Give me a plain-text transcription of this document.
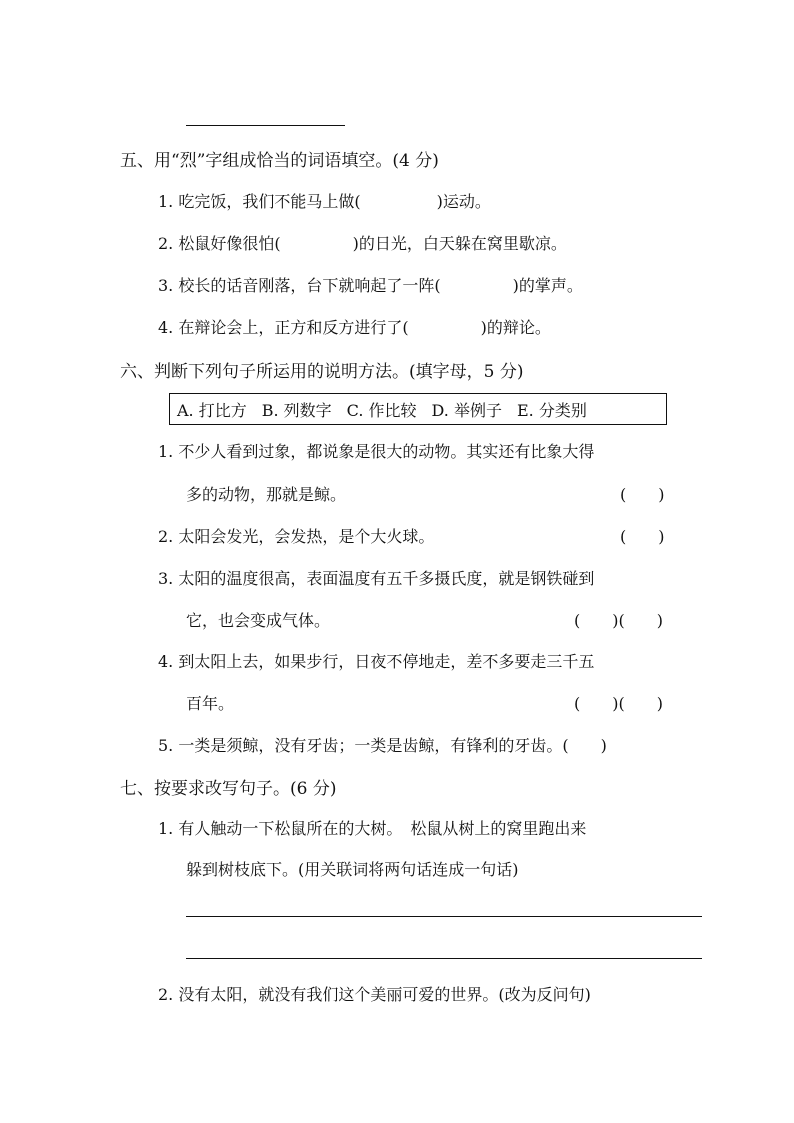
五、用“烈”字组成恰当的词语填空。(4 分)
1. 吃完饭，我们不能马上做(	)运动。
2. 松鼠好像很怕(	)的日光，白天躲在窝里歇凉。
3. 校长的话音刚落，台下就响起了一阵(	)的掌声。
4. 在辩论会上，正方和反方进行了(	)的辩论。
六、判断下列句子所运用的说明方法。(填字母，5 分)
A. 打比方 B. 列数字 C. 作比较 D. 举例子 E. 分类别
1. 不少人看到过象，都说象是很大的动物。其实还有比象大得
多的动物，那就是鲸。	(　　)
2. 太阳会发光，会发热，是个大火球。	(　　)
3. 太阳的温度很高，表面温度有五千多摄氏度，就是钢铁碰到
它，也会变成气体。	(　　)(　　)
4. 到太阳上去，如果步行，日夜不停地走，差不多要走三千五
百年。	(　　)(　　)
5. 一类是须鲸，没有牙齿；一类是齿鲸，有锋利的牙齿。(　　)
七、按要求改写句子。(6 分)
1. 有人触动一下松鼠所在的大树。　松鼠从树上的窝里跑出来
躲到树枝底下。(用关联词将两句话连成一句话)
2. 没有太阳，就没有我们这个美丽可爱的世界。(改为反问句)
